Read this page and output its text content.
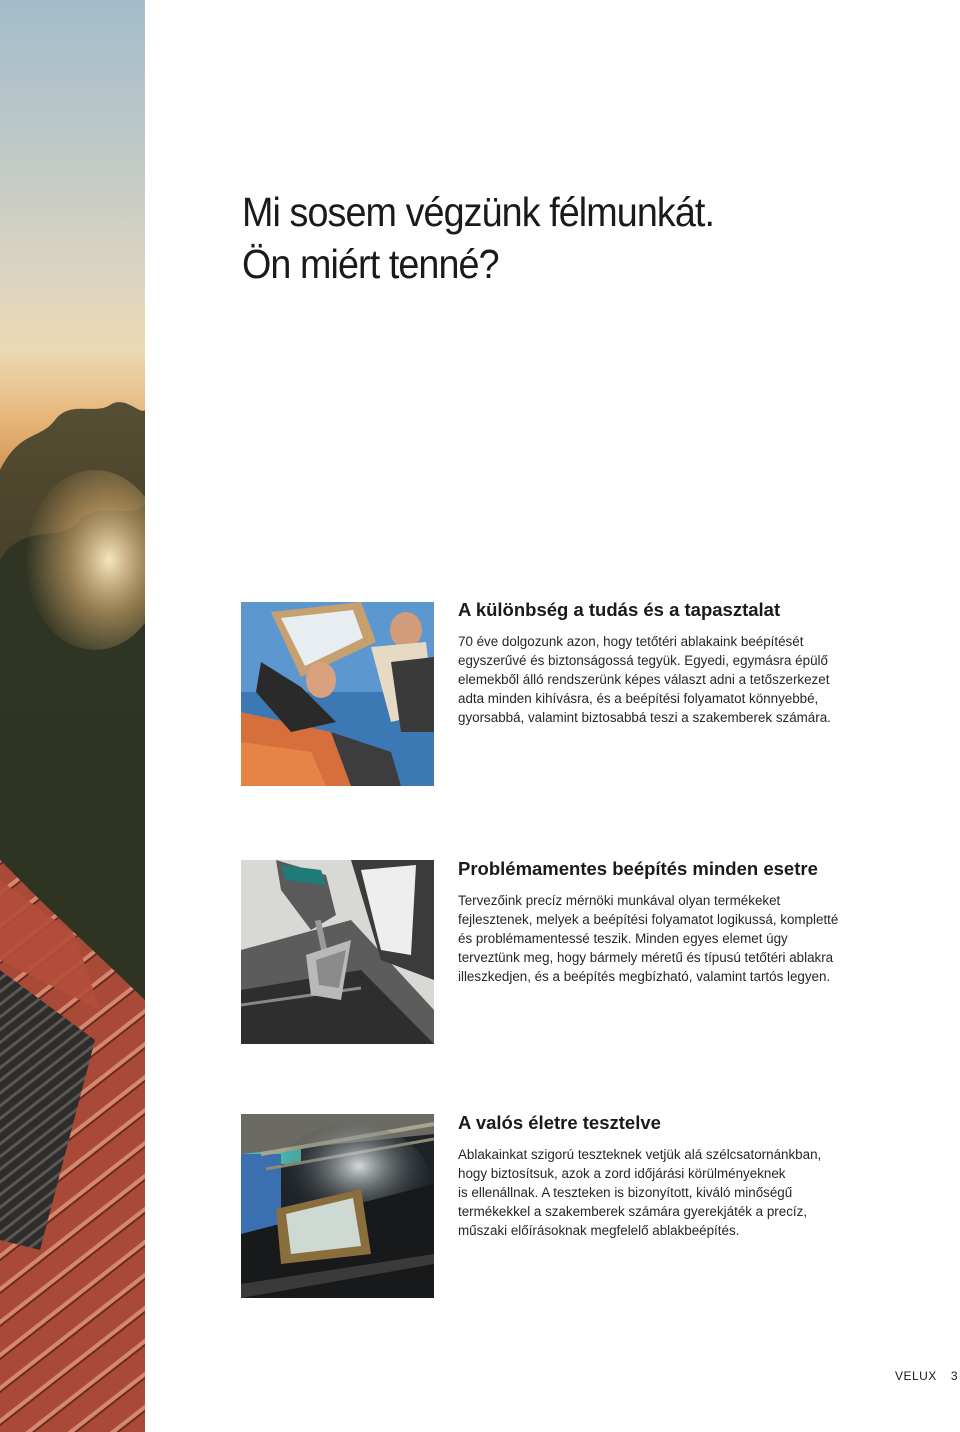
Mi sosem végzünk félmunkát.
Ön miért tenné?
A különbség a tudás és a tapasztalat

70 éve dolgozunk azon, hogy tetőtéri ablakaink beépítését
egyszerűvé és biztonságossá tegyük. Egyedi, egymásra épülő
elemekből álló rendszerünk képes választ adni a tetőszerkezet
adta minden kihívásra, és a beépítési folyamatot könnyebbé,
gyorsabbá, valamint biztosabbá teszi a szakemberek számára.

Problémamentes beépítés minden esetre

Tervezőink precíz mérnöki munkával olyan termékeket
fejlesztenek, melyek a beépítési folyamatot logikussá, kompletté
és problémamentessé teszik. Minden egyes elemet úgy
terveztünk meg, hogy bármely méretű és típusú tetőtéri ablakra
illeszkedjen, és a beépítés megbízható, valamint tartós legyen.

A valós életre tesztelve

Ablakainkat szigorú teszteknek vetjük alá szélcsatornánkban,
hogy biztosítsuk, azok a zord időjárási körülményeknek
is ellenállnak. A teszteken is bizonyított, kiváló minőségű
termékekkel a szakemberek számára gyerekjáték a precíz,
műszaki előírásoknak megfelelő ablakbeépítés.

VELUX 3
